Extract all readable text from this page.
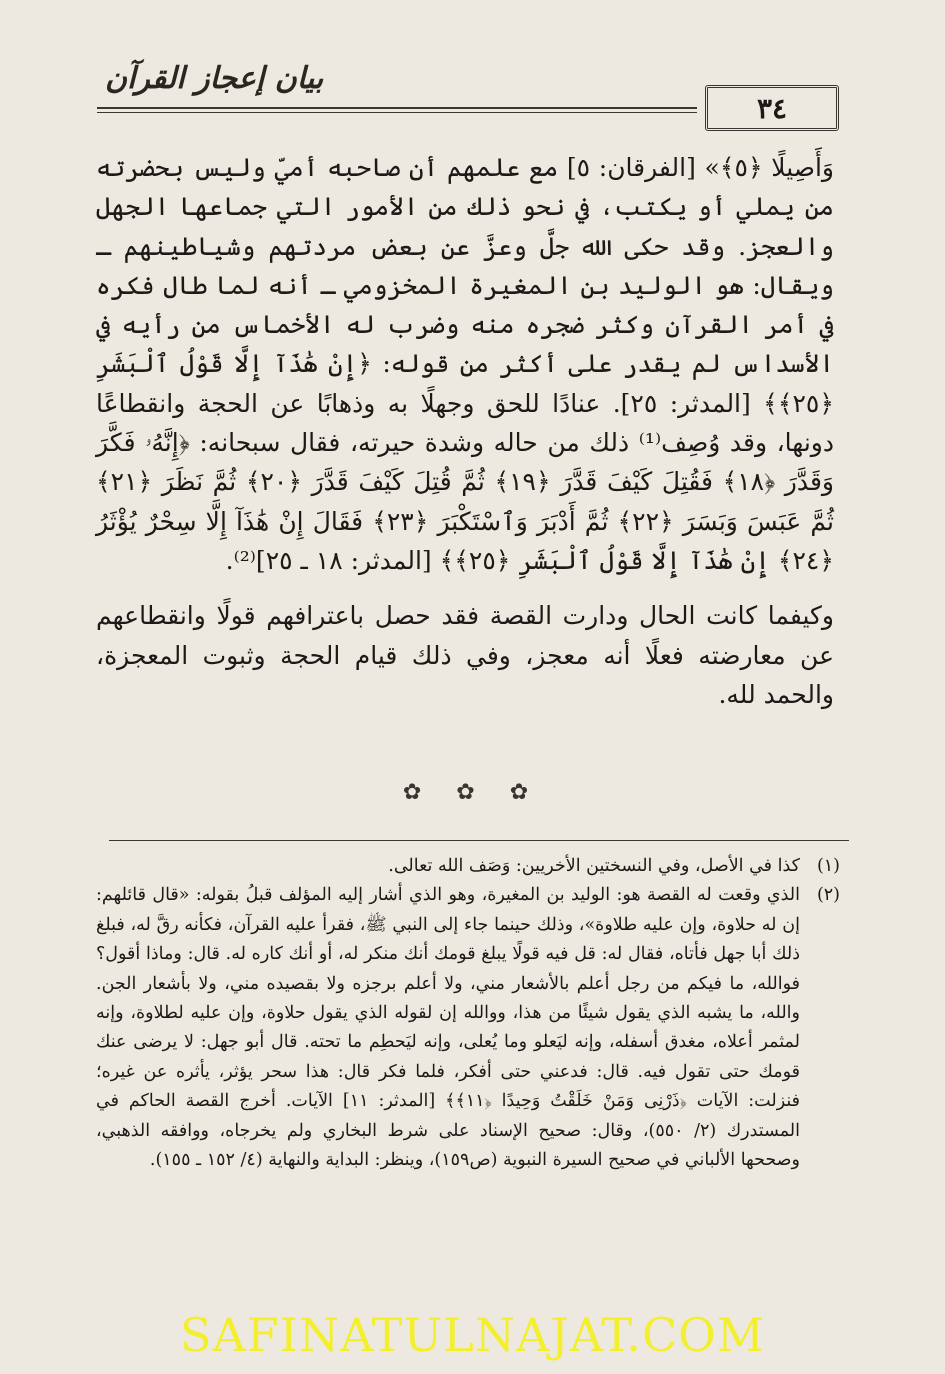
بيان إعجاز القرآن
٣٤

وَأَصِيلًا ﴿٥﴾» [الفرقان: ٥] مع علمهم أن صاحبه أميّ وليس بحضرته من يملي أو يكتب، في نحو ذلك من الأمور التي جماعها الجهل والعجز. وقد حكى الله جلَّ وعزَّ عن بعض مردتهم وشياطينهم ـ ويقال: هو الوليد بن المغيرة المخزومي ـ أنه لما طال فكره في أمر القرآن وكثر ضجره منه وضرب له الأخماس من رأيه في الأسداس لم يقدر على أكثر من قوله: ﴿إِنْ هَٰذَآ إِلَّا قَوْلُ ٱلْبَشَرِ ﴿٢٥﴾﴾ [المدثر: ٢٥]. عنادًا للحق وجهلًا به وذهابًا عن الحجة وانقطاعًا دونها، وقد وُصِف⁽¹⁾ ذلك من حاله وشدة حيرته، فقال سبحانه: ﴿إِنَّهُۥ فَكَّرَ وَقَدَّرَ ﴿١٨﴾ فَقُتِلَ كَيْفَ قَدَّرَ ﴿١٩﴾ ثُمَّ قُتِلَ كَيْفَ قَدَّرَ ﴿٢٠﴾ ثُمَّ نَظَرَ ﴿٢١﴾ ثُمَّ عَبَسَ وَبَسَرَ ﴿٢٢﴾ ثُمَّ أَدْبَرَ وَٱسْتَكْبَرَ ﴿٢٣﴾ فَقَالَ إِنْ هَٰذَآ إِلَّا سِحْرٌ يُؤْثَرُ ﴿٢٤﴾ إِنْ هَٰذَآ إِلَّا قَوْلُ ٱلْبَشَرِ ﴿٢٥﴾﴾ [المدثر: ١٨ ـ ٢٥]⁽²⁾.

وكيفما كانت الحال ودارت القصة فقد حصل باعترافهم قولًا وانقطاعهم عن معارضته فعلًا أنه معجز، وفي ذلك قيام الحجة وثبوت المعجزة، والحمد لله.

✿ ✿ ✿
(١)
كذا في الأصل، وفي النسختين الأخريين: وَصَف الله تعالى.
(٢)
الذي وقعت له القصة هو: الوليد بن المغيرة، وهو الذي أشار إليه المؤلف قبلُ بقوله: «قال قائلهم: إن له حلاوة، وإن عليه طلاوة»، وذلك حينما جاء إلى النبي ﷺ، فقرأ عليه القرآن، فكأنه رقَّ له، فبلغ ذلك أبا جهل فأتاه، فقال له: قل فيه قولًا يبلغ قومك أنك منكر له، أو أنك كاره له. قال: وماذا أقول؟ فوالله، ما فيكم من رجل أعلم بالأشعار مني، ولا أعلم برجزه ولا بقصيده مني، ولا بأشعار الجن. والله، ما يشبه الذي يقول شيئًا من هذا، ووالله إن لقوله الذي يقول حلاوة، وإن عليه لطلاوة، وإنه لمثمر أعلاه، مغدق أسفله، وإنه ليَعلو وما يُعلى، وإنه ليَحطِم ما تحته. قال أبو جهل: لا يرضى عنك قومك حتى تقول فيه. قال: فدعني حتى أفكر، فلما فكر قال: هذا سحر يؤثر، يأثره عن غيره؛ فنزلت: الآيات ﴿ذَرْنِى وَمَنْ خَلَقْتُ وَحِيدًا ﴿١١﴾﴾ [المدثر: ١١] الآيات. أخرج القصة الحاكم في المستدرك (٢/ ٥٥٠)، وقال: صحيح الإسناد على شرط البخاري ولم يخرجاه، ووافقه الذهبي، وصححها الألباني في صحيح السيرة النبوية (ص١٥٩)، وينظر: البداية والنهاية (٤/ ١٥٢ ـ ١٥٥).
SAFINATULNAJAT.COM
